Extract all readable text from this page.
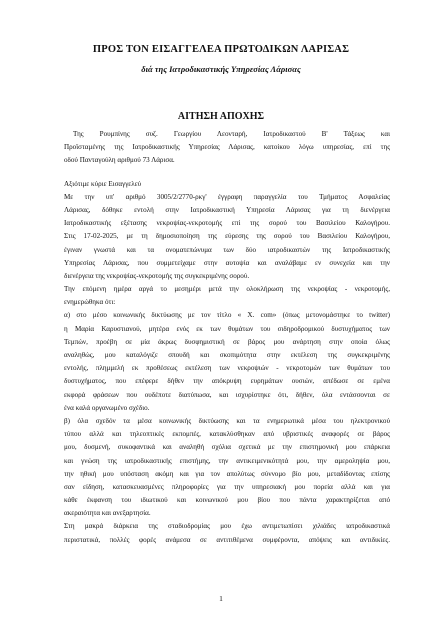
ΠΡΟΣ ΤΟΝ ΕΙΣΑΓΓΕΛΕΑ ΠΡΩΤΟΔΙΚΩΝ ΛΑΡΙΣΑΣ
διά της Ιατροδικαστικής Υπηρεσίας Λάρισας
ΑΙΤΗΣΗ ΑΠΟΧΗΣ
Της Ρουμπίνης συζ. Γεωργίου Λεονταρή, Ιατροδικαστού Β' Τάξεως και
Προϊσταμένης της Ιατροδικαστικής Υπηρεσίας Λάρισας, κατοίκου λόγω υπηρεσίας, επί της
οδού Πανταγούλη αριθμού 73 Λάρισα.
Αξιότιμε κύριε Εισαγγελεύ
Με την υπ' αριθμό 3005/2/2770-ρκγ' έγγραφη παραγγελία του Τμήματος Ασφαλείας
Λάρισας, δόθηκε εντολή στην Ιατροδικαστική Υπηρεσία Λάρισας για τη διενέργεια
Ιατροδικαστικής εξέτασης νεκροψίας-νεκροτομής επί της σορού του Βασιλείου Καλογήρου.
Στις 17-02-2025, με τη δημοσιοποίηση της εύρεσης της σορού του Βασιλείου Καλογήρου,
έγιναν γνωστά και τα ονοματεπώνυμα των δύο ιατροδικαστών της Ιατροδικαστικής
Υπηρεσίας Λάρισας, που συμμετείχαμε στην αυτοψία και αναλάβαμε εν συνεχεία και την
διενέργεια της νεκροψίας-νεκροτομής της συγκεκριμένης σορού.
Την επόμενη ημέρα αργά το μεσημέρι μετά την ολοκλήρωση της νεκροψίας - νεκροτομής,
ενημερώθηκα ότι:
α) στο μέσο κοινωνικής δικτύωσης με τον τίτλο « X. com» (όπως μετονομάστηκε το twitter)
η Μαρία Καρυστιανού, μητέρα ενός εκ των θυμάτων του σιδηροδρομικού δυστυχήματος των
Τεμπών, προέβη σε μία άκρως δυσφημιστική σε βάρος μου ανάρτηση στην οποία όλως
αναληθώς, μου καταλόγιζε σπουδή και σκοπιμότητα στην εκτέλεση της συγκεκριμένης
εντολής, πλημμελή εκ προθέσεως εκτέλεση των νεκροψιών - νεκροτομών των θυμάτων του
δυστυχήματος, που επέφερε δήθεν την απόκρυψη ευρημάτων ουσιών, απέδωσε σε εμένα
εκφορά φράσεων που ουδέποτε διατύπωσα, και ισχυρίστηκε ότι, δήθεν, όλα εντάσσονται σε
ένα καλά οργανωμένο σχέδιο.
β) όλα σχεδόν τα μέσα κοινωνικής δικτύωσης και τα ενημερωτικά μέσα του ηλεκτρονικού
τύπου αλλά και τηλεοπτικές εκπομπές, κατακλύσθηκαν από υβριστικές αναφορές σε βάρος
μου, δυσμενή, συκοφαντικά και αναληθή σχόλια σχετικά με την επιστημονική μου επάρκεια
και γνώση της ιατροδικαστικής επιστήμης, την αντικειμενικότητά μου, την αμεροληψία μου,
την ηθική μου υπόσταση ακόμη και για τον απολύτως σύννομο βίο μου, μεταδίδοντας επίσης
σαν είδηση, κατασκευασμένες πληροφορίες για την υπηρεσιακή μου πορεία αλλά και για
κάθε έκφανση του ιδιωτικού και κοινωνικού μου βίου που πάντα χαρακτηρίζεται από
ακεραιότητα και ανεξαρτησία.
Στη μακρά διάρκεια της σταδιοδρομίας μου έχω αντιμετωπίσει χιλιάδες ιατροδικαστικά
περιστατικά, πολλές φορές ανάμεσα σε αντιτιθέμενα συμφέροντα, απόψεις και αντιδικίες.
1
